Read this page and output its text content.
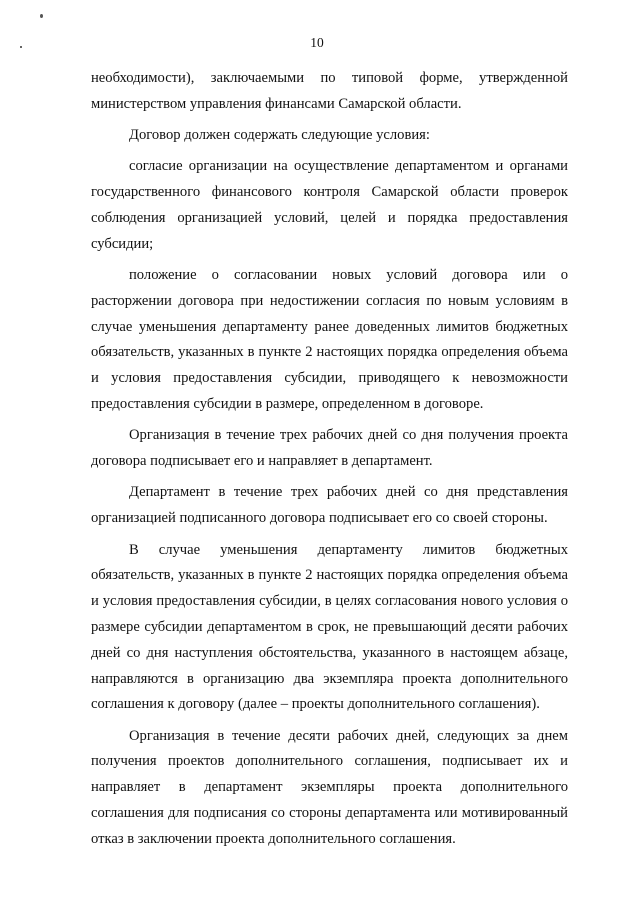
10

необходимости), заключаемыми по типовой форме, утвержденной министерством управления финансами Самарской области.

Договор должен содержать следующие условия:

согласие организации на осуществление департаментом и органами государственного финансового контроля Самарской области проверок соблюдения организацией условий, целей и порядка предоставления субсидии;

положение о согласовании новых условий договора или о расторжении договора при недостижении согласия по новым условиям в случае уменьшения департаменту ранее доведенных лимитов бюджетных обязательств, указанных в пункте 2 настоящих порядка определения объема и условия предоставления субсидии, приводящего к невозможности предоставления субсидии в размере, определенном в договоре.

Организация в течение трех рабочих дней со дня получения проекта договора подписывает его и направляет в департамент.

Департамент в течение трех рабочих дней со дня представления организацией подписанного договора подписывает его со своей стороны.

В случае уменьшения департаменту лимитов бюджетных обязательств, указанных в пункте 2 настоящих порядка определения объема и условия предоставления субсидии, в целях согласования нового условия о размере субсидии департаментом в срок, не превышающий десяти рабочих дней со дня наступления обстоятельства, указанного в настоящем абзаце, направляются в организацию два экземпляра проекта дополнительного соглашения к договору (далее – проекты дополнительного соглашения).

Организация в течение десяти рабочих дней, следующих за днем получения проектов дополнительного соглашения, подписывает их и направляет в департамент экземпляры проекта дополнительного соглашения для подписания со стороны департамента или мотивированный отказ в заключении проекта дополнительного соглашения.
